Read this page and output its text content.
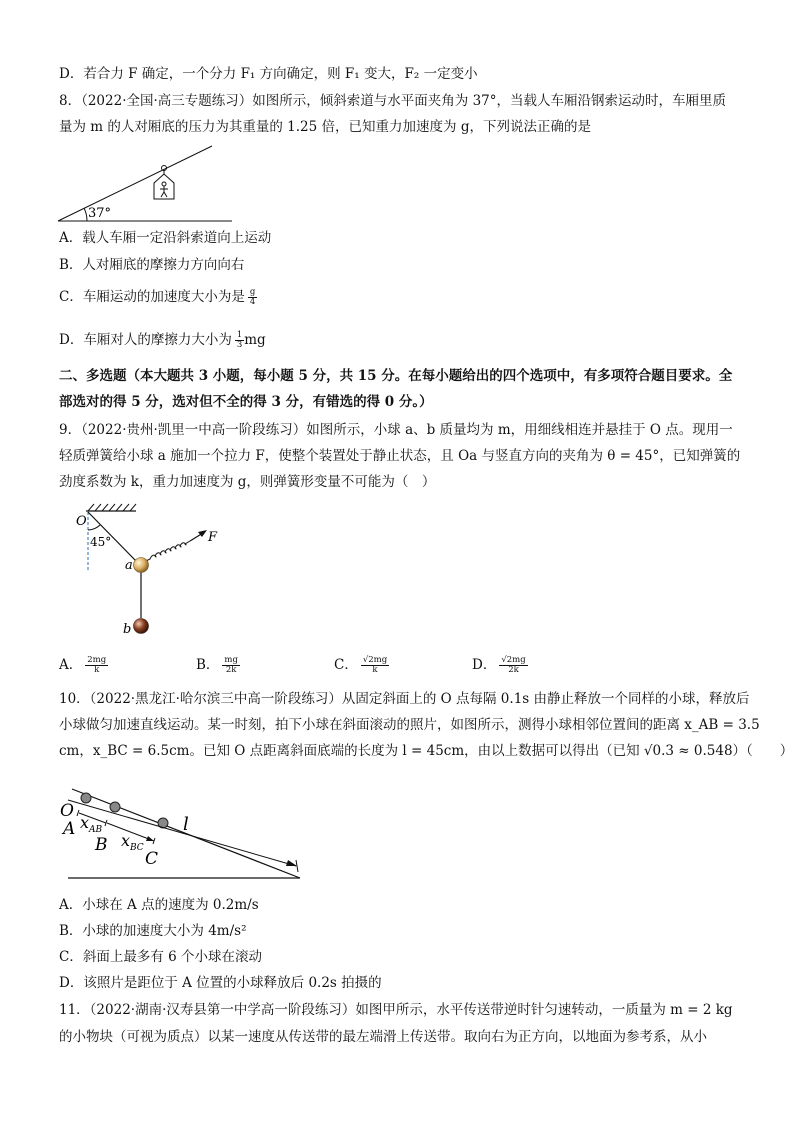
D．若合力 F 确定，一个分力 F₁ 方向确定，则 F₁ 变大，F₂ 一定变小
8．（2022·全国·高三专题练习）如图所示，倾斜索道与水平面夹角为 37°，当载人车厢沿钢索运动时，车厢里质
量为 m 的人对厢底的压力为其重量的 1.25 倍，已知重力加速度为 g，下列说法正确的是
37°
A．载人车厢一定沿斜索道向上运动
B．人对厢底的摩擦力方向向右
C．车厢运动的加速度大小为是 $\frac{g}{4}$
D．车厢对人的摩擦力大小为 $\frac{1}{3}$ mg
二、多选题（本大题共 3 小题，每小题 5 分，共 15 分。在每小题给出的四个选项中，有多项符合题目要求。全
部选对的得 5 分，选对但不全的得 3 分，有错选的得 0 分。）
9．（2022·贵州·凯里一中高一阶段练习）如图所示，小球 a、b 质量均为 m，用细线相连并悬挂于 O 点。现用一
轻质弹簧给小球 a 施加一个拉力 F，使整个装置处于静止状态，且 Oa 与竖直方向的夹角为 θ = 45°，已知弹簧的
劲度系数为 k，重力加速度为 g，则弹簧形变量不可能为（　）
O
45°	F
a
b
A． $\frac{2mg}{k}$	B． $\frac{mg}{2k}$	C． $\frac{√2mg}{k}$	D． $\frac{√2mg}{2k}$
10．（2022·黑龙江·哈尔滨三中高一阶段练习）从固定斜面上的 O 点每隔 0.1s 由静止释放一个同样的小球，释放后
小球做匀加速直线运动。某一时刻，拍下小球在斜面滚动的照片，如图所示，测得小球相邻位置间的距离 x_AB = 3.5
cm，x_BC = 6.5cm。已知 O 点距离斜面底端的长度为 l = 45cm，由以上数据可以得出（已知 √0.3 ≈ 0.548）（　　）
O
A $x_{AB}$
B $x_{BC}$
C
l
A．小球在 A 点的速度为 0.2m/s
B．小球的加速度大小为 4m/s²
C．斜面上最多有 6 个小球在滚动
D．该照片是距位于 A 位置的小球释放后 0.2s 拍摄的
11．（2022·湖南·汉寿县第一中学高一阶段练习）如图甲所示，水平传送带逆时针匀速转动，一质量为 m = 2 kg
的小物块（可视为质点）以某一速度从传送带的最左端滑上传送带。取向右为正方向，以地面为参考系，从小
